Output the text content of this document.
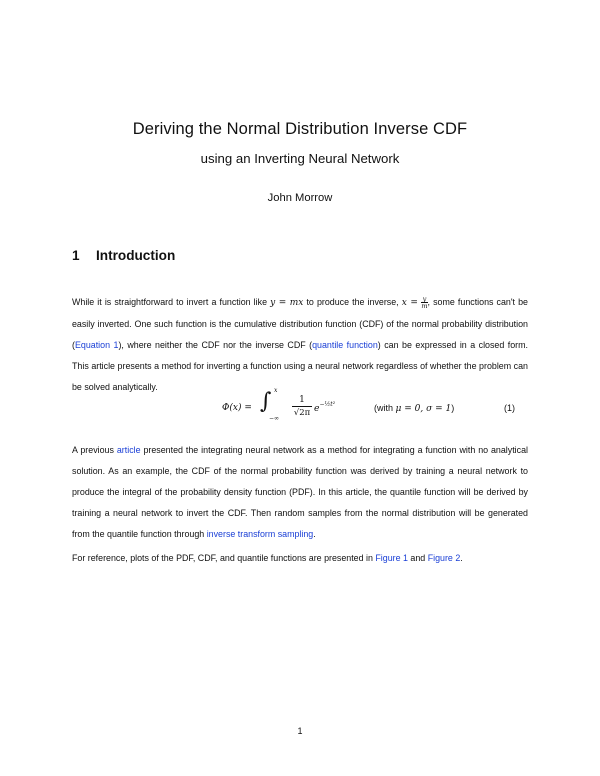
Deriving the Normal Distribution Inverse CDF
using an Inverting Neural Network
John Morrow
1 Introduction

While it is straightforward to invert a function like y = mx to produce the inverse, $x = \frac{y}{m}$, some functions can't be easily inverted. One such function is the cumulative distribution function (CDF) of the normal probability distribution (Equation 1), where neither the CDF nor the inverse CDF (quantile function) can be expressed in a closed form. This article presents a method for inverting a function using a neural network regardless of whether the problem can be solved analytically.

Φ(x) = ∫ x
−∞
1
√2π $e^{-\frac{1}{2}t^2}$	(with μ = 0, σ = 1)	(1)

A previous article presented the integrating neural network as a method for integrating a function with no analytical solution. As an example, the CDF of the normal probability function was derived by training a neural network to produce the integral of the probability density function (PDF). In this article, the quantile function will be derived by training a neural network to invert the CDF. Then random samples from the normal distribution will be generated from the quantile function through inverse transform sampling.

For reference, plots of the PDF, CDF, and quantile functions are presented in Figure 1 and Figure 2.

1
